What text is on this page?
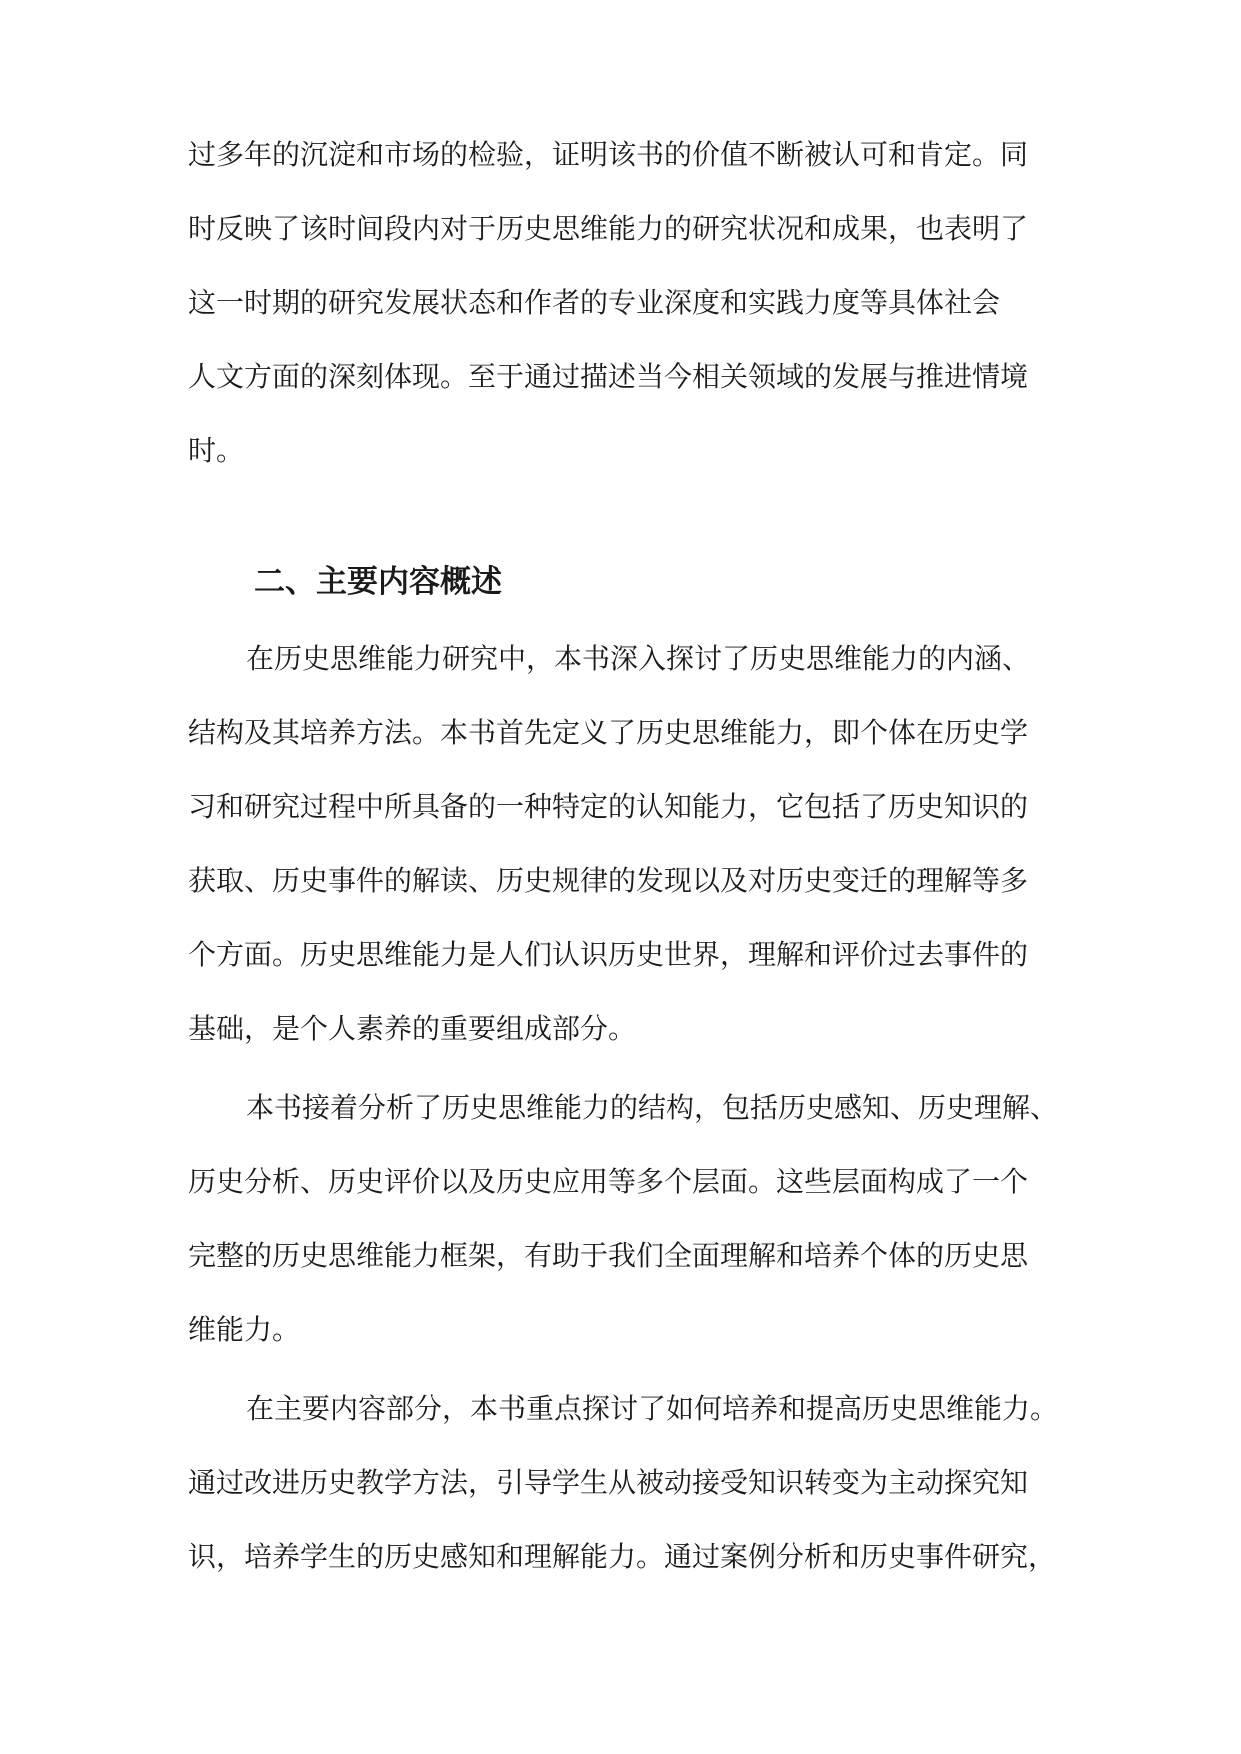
过多年的沉淀和市场的检验，证明该书的价值不断被认可和肯定。同
时反映了该时间段内对于历史思维能力的研究状况和成果，也表明了
这一时期的研究发展状态和作者的专业深度和实践力度等具体社会
人文方面的深刻体现。至于通过描述当今相关领域的发展与推进情境
时。
二、主要内容概述
在历史思维能力研究中，本书深入探讨了历史思维能力的内涵、
结构及其培养方法。本书首先定义了历史思维能力，即个体在历史学
习和研究过程中所具备的一种特定的认知能力，它包括了历史知识的
获取、历史事件的解读、历史规律的发现以及对历史变迁的理解等多
个方面。历史思维能力是人们认识历史世界，理解和评价过去事件的
基础，是个人素养的重要组成部分。
本书接着分析了历史思维能力的结构，包括历史感知、历史理解、
历史分析、历史评价以及历史应用等多个层面。这些层面构成了一个
完整的历史思维能力框架，有助于我们全面理解和培养个体的历史思
维能力。
在主要内容部分，本书重点探讨了如何培养和提高历史思维能力。
通过改进历史教学方法，引导学生从被动接受知识转变为主动探究知
识，培养学生的历史感知和理解能力。通过案例分析和历史事件研究，
